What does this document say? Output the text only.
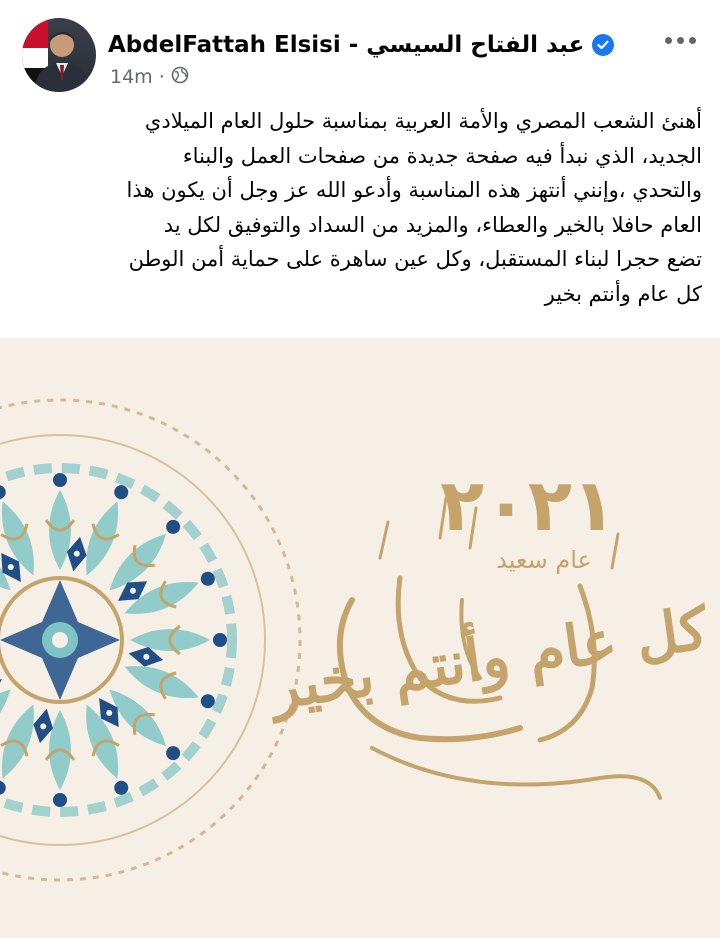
AbdelFattah Elsisi - عبد الفتاح السيسي
14m ·
أهنئ الشعب المصري والأمة العربية بمناسبة حلول العام الميلادي
الجديد، الذي نبدأ فيه صفحة جديدة من صفحات العمل والبناء
والتحدي ،وإنني أنتهز هذه المناسبة وأدعو الله عز وجل أن يكون هذا
العام حافلا بالخير والعطاء، والمزيد من السداد والتوفيق لكل يد
تضع حجرا لبناء المستقبل، وكل عين ساهرة على حماية أمن الوطن
كل عام وأنتم بخير
٢٠٢١
عام سعيد
كل عام وأنتم بخير
